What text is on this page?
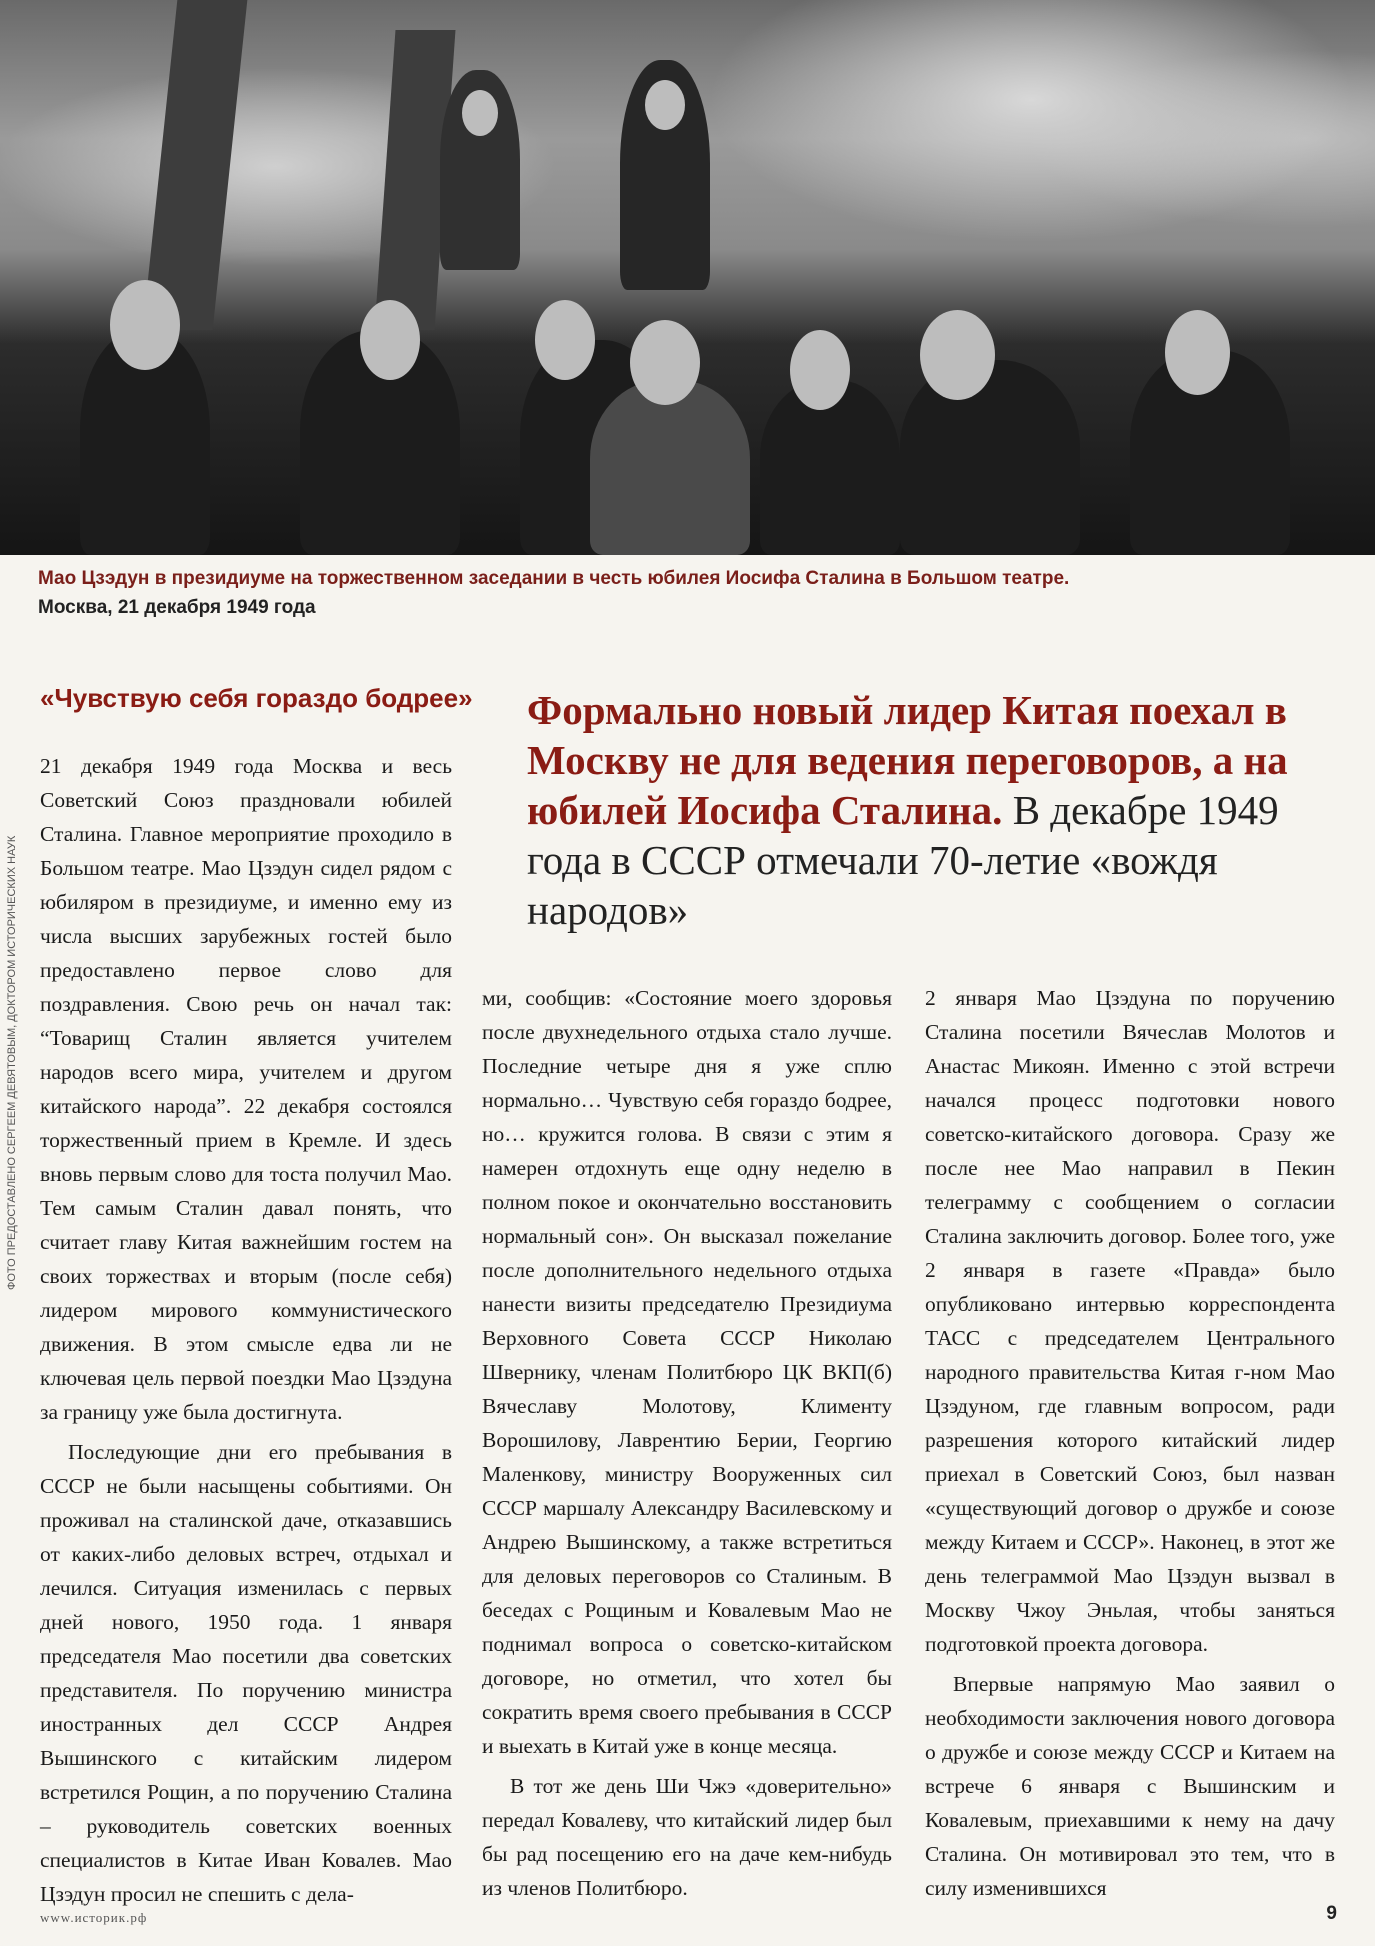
Мао Цзэдун в президиуме на торжественном заседании в честь юбилея Иосифа Сталина в Большом театре.
Москва, 21 декабря 1949 года
ФОТО ПРЕДОСТАВЛЕНО СЕРГЕЕМ ДЕВЯТОВЫМ, ДОКТОРОМ ИСТОРИЧЕСКИХ НАУК
«Чувствую себя гораздо бодрее» Формально новый лидер Китая поехал в Москву не для ведения переговоров, а на юбилей Иосифа Сталина. В декабре 1949 года в СССР отмечали 70-летие «вождя народов»

21 декабря 1949 года Москва и весь Советский Союз праздновали юбилей Сталина. Главное мероприятие проходило в Большом театре. Мао Цзэдун сидел рядом с юбиляром в президиуме, и именно ему из числа высших зарубежных гостей было предоставлено первое слово для поздравления. Свою речь он начал так: “Товарищ Сталин является учителем народов всего мира, учителем и другом китайского народа”. 22 декабря состоялся торжественный прием в Кремле. И здесь вновь первым слово для тоста получил Мао. Тем самым Сталин давал понять, что считает главу Китая важнейшим гостем на своих торжествах и вторым (после себя) лидером мирового коммунистического движения. В этом смысле едва ли не ключевая цель первой поездки Мао Цзэдуна за границу уже была достигнута.

Последующие дни его пребывания в СССР не были насыщены событиями. Он проживал на сталинской даче, отказавшись от каких-либо деловых встреч, отдыхал и лечился. Ситуация изменилась с первых дней нового, 1950 года. 1 января председателя Мао посетили два советских представителя. По поручению министра иностранных дел СССР Андрея Вышинского с китайским лидером встретился Рощин, а по поручению Сталина – руководитель советских военных специалистов в Китае Иван Ковалев. Мао Цзэдун просил не спешить с дела-

ми, сообщив: «Состояние моего здоровья после двухнедельного отдыха стало лучше. Последние четыре дня я уже сплю нормально… Чувствую себя гораздо бодрее, но… кружится голова. В связи с этим я намерен отдохнуть еще одну неделю в полном покое и окончательно восстановить нормальный сон». Он высказал пожелание после дополнительного недельного отдыха нанести визиты председателю Президиума Верховного Совета СССР Николаю Швернику, членам Политбюро ЦК ВКП(б) Вячеславу Молотову, Клименту Ворошилову, Лаврентию Берии, Георгию Маленкову, министру Вооруженных сил СССР маршалу Александру Василевскому и Андрею Вышинскому, а также встретиться для деловых переговоров со Сталиным. В беседах с Рощиным и Ковалевым Мао не поднимал вопроса о советско-китайском договоре, но отметил, что хотел бы сократить время своего пребывания в СССР и выехать в Китай уже в конце месяца.

В тот же день Ши Чжэ «доверительно» передал Ковалеву, что китайский лидер был бы рад посещению его на даче кем-нибудь из членов Политбюро.

2 января Мао Цзэдуна по поручению Сталина посетили Вячеслав Молотов и Анастас Микоян. Именно с этой встречи начался процесс подготовки нового советско-китайского договора. Сразу же после нее Мао направил в Пекин телеграмму с сообщением о согласии Сталина заключить договор. Более того, уже 2 января в газете «Правда» было опубликовано интервью корреспондента ТАСС с председателем Центрального народного правительства Китая г-ном Мао Цзэдуном, где главным вопросом, ради разрешения которого китайский лидер приехал в Советский Союз, был назван «существующий договор о дружбе и союзе между Китаем и СССР». Наконец, в этот же день телеграммой Мао Цзэдун вызвал в Москву Чжоу Эньлая, чтобы заняться подготовкой проекта договора.

Впервые напрямую Мао заявил о необходимости заключения нового договора о дружбе и союзе между СССР и Китаем на встрече 6 января с Вышинским и Ковалевым, приехавшими к нему на дачу Сталина. Он мотивировал это тем, что в силу изменившихся

www.историк.рф	9
